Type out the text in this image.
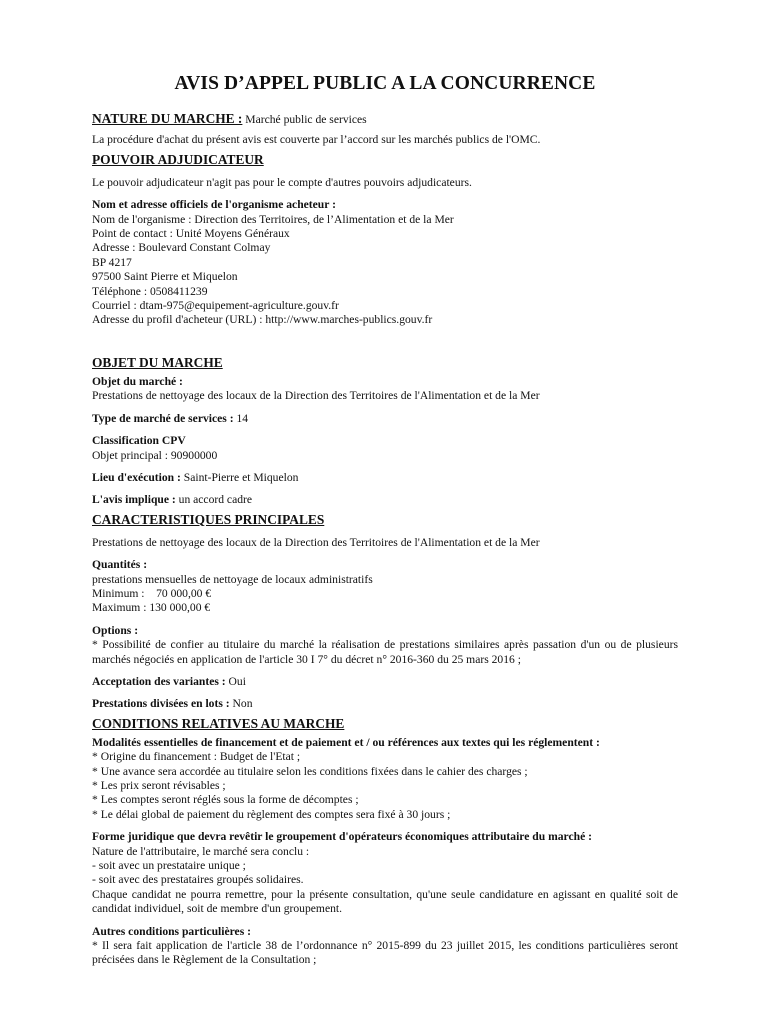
AVIS D’APPEL PUBLIC A LA CONCURRENCE

NATURE DU MARCHE : Marché public de services

La procédure d'achat du présent avis est couverte par l’accord sur les marchés publics de l'OMC.

POUVOIR ADJUDICATEUR

Le pouvoir adjudicateur n'agit pas pour le compte d'autres pouvoirs adjudicateurs.

Nom et adresse officiels de l'organisme acheteur :

Nom de l'organisme : Direction des Territoires, de l’Alimentation et de la Mer
Point de contact : Unité Moyens Généraux
Adresse : Boulevard Constant Colmay
BP 4217
97500 Saint Pierre et Miquelon
Téléphone : 0508411239
Courriel : dtam-975@equipement-agriculture.gouv.fr
Adresse du profil d'acheteur (URL) : http://www.marches-publics.gouv.fr

OBJET DU MARCHE

Objet du marché :

Prestations de nettoyage des locaux de la Direction des Territoires de l'Alimentation et de la Mer

Type de marché de services : 14

Classification CPV

Objet principal : 90900000

Lieu d'exécution : Saint-Pierre et Miquelon

L'avis implique : un accord cadre

CARACTERISTIQUES PRINCIPALES

Prestations de nettoyage des locaux de la Direction des Territoires de l'Alimentation et de la Mer

Quantités :

prestations mensuelles de nettoyage de locaux administratifs
Minimum :    70 000,00 €
Maximum : 130 000,00 €

Options :

* Possibilité de confier au titulaire du marché la réalisation de prestations similaires après passation d'un ou de plusieurs marchés négociés en application de l'article 30 I 7° du décret n° 2016-360 du 25 mars 2016 ;

Acceptation des variantes : Oui

Prestations divisées en lots : Non

CONDITIONS RELATIVES AU MARCHE

Modalités essentielles de financement et de paiement et / ou références aux textes qui les réglementent :

* Origine du financement : Budget de l'Etat ;
* Une avance sera accordée au titulaire selon les conditions fixées dans le cahier des charges ;
* Les prix seront révisables ;
* Les comptes seront réglés sous la forme de décomptes ;
* Le délai global de paiement du règlement des comptes sera fixé à 30 jours ;

Forme juridique que devra revêtir le groupement d'opérateurs économiques attributaire du marché :

Nature de l'attributaire, le marché sera conclu :
- soit avec un prestataire unique ;
- soit avec des prestataires groupés solidaires.

Chaque candidat ne pourra remettre, pour la présente consultation, qu'une seule candidature en agissant en qualité soit de candidat individuel, soit de membre d'un groupement.

Autres conditions particulières :

* Il sera fait application de l'article 38 de l’ordonnance n° 2015-899 du 23 juillet 2015, les conditions particulières seront précisées dans le Règlement de la Consultation ;
